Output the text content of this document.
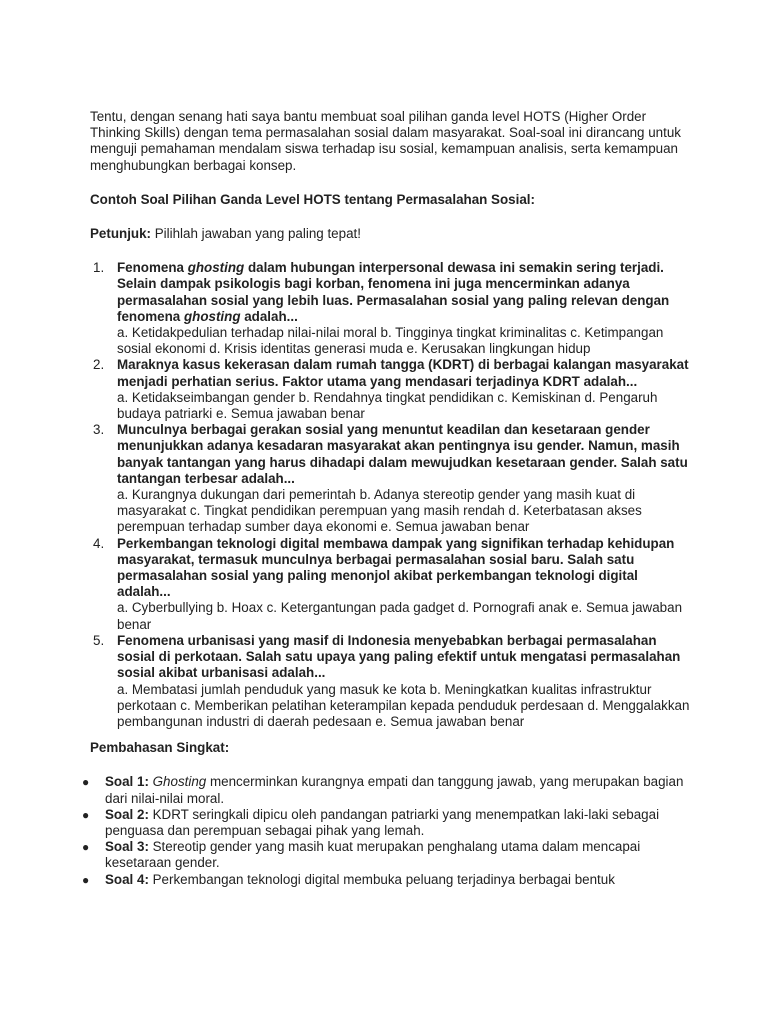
Tentu, dengan senang hati saya bantu membuat soal pilihan ganda level HOTS (Higher Order Thinking Skills) dengan tema permasalahan sosial dalam masyarakat. Soal-soal ini dirancang untuk menguji pemahaman mendalam siswa terhadap isu sosial, kemampuan analisis, serta kemampuan menghubungkan berbagai konsep.

Contoh Soal Pilihan Ganda Level HOTS tentang Permasalahan Sosial:

Petunjuk: Pilihlah jawaban yang paling tepat!

1. Fenomena ghosting dalam hubungan interpersonal dewasa ini semakin sering terjadi. Selain dampak psikologis bagi korban, fenomena ini juga mencerminkan adanya permasalahan sosial yang lebih luas. Permasalahan sosial yang paling relevan dengan fenomena ghosting adalah...
a. Ketidakpedulian terhadap nilai-nilai moral b. Tingginya tingkat kriminalitas c. Ketimpangan sosial ekonomi d. Krisis identitas generasi muda e. Kerusakan lingkungan hidup
2. Maraknya kasus kekerasan dalam rumah tangga (KDRT) di berbagai kalangan masyarakat menjadi perhatian serius. Faktor utama yang mendasari terjadinya KDRT adalah...
a. Ketidakseimbangan gender b. Rendahnya tingkat pendidikan c. Kemiskinan d. Pengaruh budaya patriarki e. Semua jawaban benar
3. Munculnya berbagai gerakan sosial yang menuntut keadilan dan kesetaraan gender menunjukkan adanya kesadaran masyarakat akan pentingnya isu gender. Namun, masih banyak tantangan yang harus dihadapi dalam mewujudkan kesetaraan gender. Salah satu tantangan terbesar adalah...
a. Kurangnya dukungan dari pemerintah b. Adanya stereotip gender yang masih kuat di masyarakat c. Tingkat pendidikan perempuan yang masih rendah d. Keterbatasan akses perempuan terhadap sumber daya ekonomi e. Semua jawaban benar
4. Perkembangan teknologi digital membawa dampak yang signifikan terhadap kehidupan masyarakat, termasuk munculnya berbagai permasalahan sosial baru. Salah satu permasalahan sosial yang paling menonjol akibat perkembangan teknologi digital adalah...
a. Cyberbullying b. Hoax c. Ketergantungan pada gadget d. Pornografi anak e. Semua jawaban benar
5. Fenomena urbanisasi yang masif di Indonesia menyebabkan berbagai permasalahan sosial di perkotaan. Salah satu upaya yang paling efektif untuk mengatasi permasalahan sosial akibat urbanisasi adalah...
a. Membatasi jumlah penduduk yang masuk ke kota b. Meningkatkan kualitas infrastruktur perkotaan c. Memberikan pelatihan keterampilan kepada penduduk perdesaan d. Menggalakkan pembangunan industri di daerah pedesaan e. Semua jawaban benar

Pembahasan Singkat:

● Soal 1: Ghosting mencerminkan kurangnya empati dan tanggung jawab, yang merupakan bagian dari nilai-nilai moral.
● Soal 2: KDRT seringkali dipicu oleh pandangan patriarki yang menempatkan laki-laki sebagai penguasa dan perempuan sebagai pihak yang lemah.
● Soal 3: Stereotip gender yang masih kuat merupakan penghalang utama dalam mencapai kesetaraan gender.
● Soal 4: Perkembangan teknologi digital membuka peluang terjadinya berbagai bentuk
